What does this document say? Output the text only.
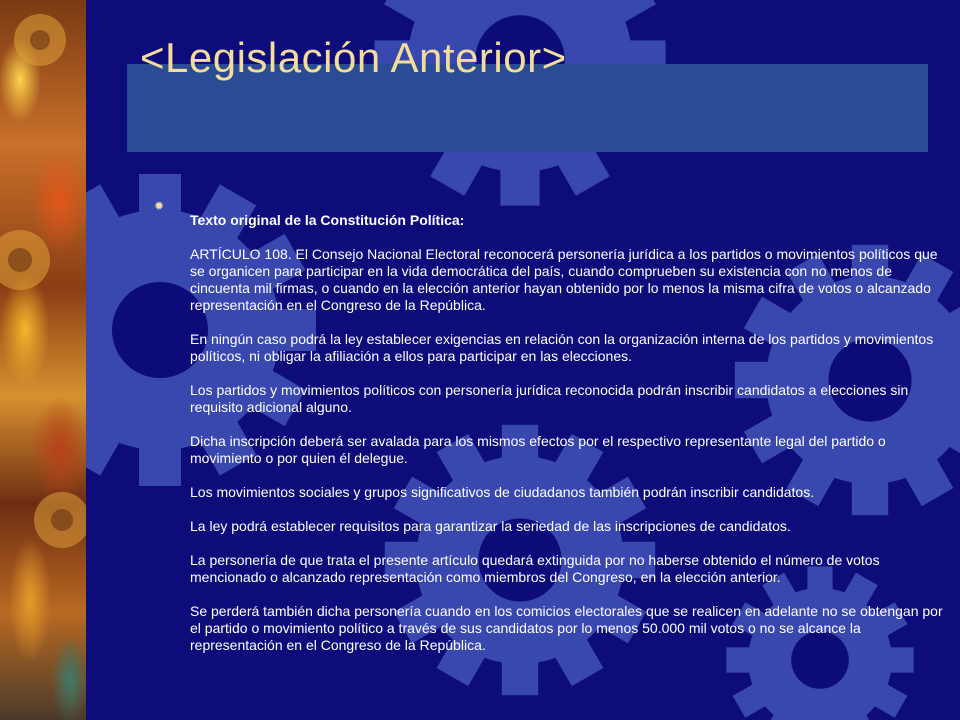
<Legislación Anterior>
✹

Texto original de la Constitución Política:

ARTÍCULO 108. El Consejo Nacional Electoral reconocerá personería jurídica a los partidos o movimientos políticos que se organicen para participar en la vida democrática del país, cuando comprueben su existencia con no menos de cincuenta mil firmas, o cuando en la elección anterior hayan obtenido por lo menos la misma cifra de votos o alcanzado representación en el Congreso de la República.

En ningún caso podrá la ley establecer exigencias en relación con la organización interna de los partidos y movimientos políticos, ni obligar la afiliación a ellos para participar en las elecciones.

Los partidos y movimientos políticos con personería jurídica reconocida podrán inscribir candidatos a elecciones sin requisito adicional alguno.

Dicha inscripción deberá ser avalada para los mismos efectos por el respectivo representante legal del partido o movimiento o por quien él delegue.

Los movimientos sociales y grupos significativos de ciudadanos también podrán inscribir candidatos.

La ley podrá establecer requisitos para garantizar la seriedad de las inscripciones de candidatos.

La personería de que trata el presente artículo quedará extinguida por no haberse obtenido el número de votos mencionado o alcanzado representación como miembros del Congreso, en la elección anterior.

Se perderá también dicha personería cuando en los comicios electorales que se realicen en adelante no se obtengan por el partido o movimiento político a través de sus candidatos por lo menos 50.000 mil votos o no se alcance la representación en el Congreso de la República.
